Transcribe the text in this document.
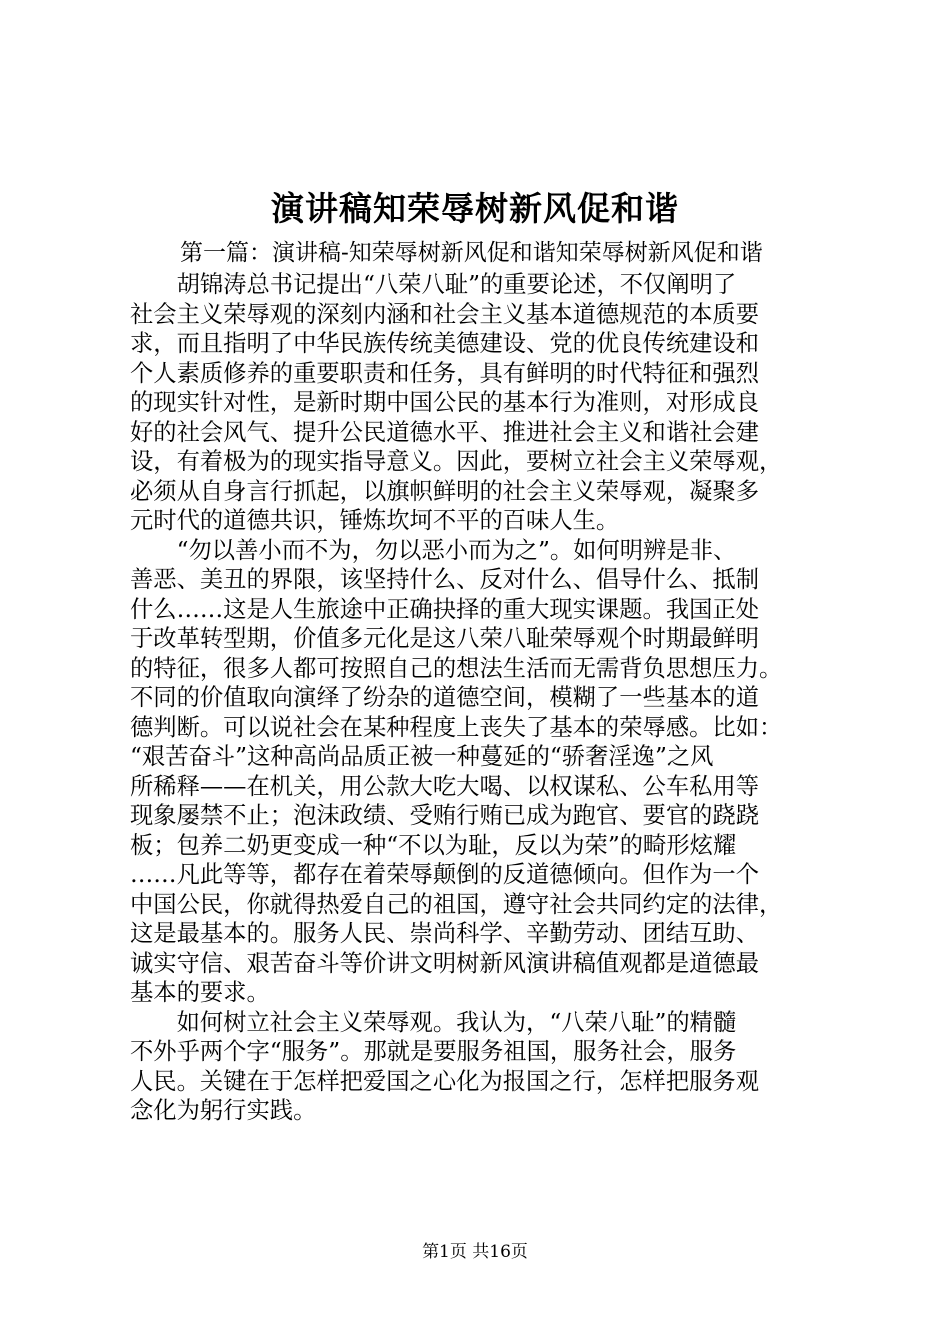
演讲稿知荣辱树新风促和谐
第一篇：演讲稿-知荣辱树新风促和谐知荣辱树新风促和谐

胡锦涛总书记提出“八荣八耻”的重要论述，不仅阐明了
社会主义荣辱观的深刻内涵和社会主义基本道德规范的本质要
求，而且指明了中华民族传统美德建设、党的优良传统建设和
个人素质修养的重要职责和任务，具有鲜明的时代特征和强烈
的现实针对性，是新时期中国公民的基本行为准则，对形成良
好的社会风气、提升公民道德水平、推进社会主义和谐社会建
设，有着极为的现实指导意义。因此，要树立社会主义荣辱观，
必须从自身言行抓起，以旗帜鲜明的社会主义荣辱观，凝聚多
元时代的道德共识，锤炼坎坷不平的百味人生。

“勿以善小而不为，勿以恶小而为之”。如何明辨是非、
善恶、美丑的界限，该坚持什么、反对什么、倡导什么、抵制
什么……这是人生旅途中正确抉择的重大现实课题。我国正处
于改革转型期，价值多元化是这八荣八耻荣辱观个时期最鲜明
的特征，很多人都可按照自己的想法生活而无需背负思想压力。
不同的价值取向演绎了纷杂的道德空间，模糊了一些基本的道
德判断。可以说社会在某种程度上丧失了基本的荣辱感。比如：
“艰苦奋斗”这种高尚品质正被一种蔓延的“骄奢淫逸”之风
所稀释——在机关，用公款大吃大喝、以权谋私、公车私用等
现象屡禁不止；泡沫政绩、受贿行贿已成为跑官、要官的跷跷
板；包养二奶更变成一种“不以为耻，反以为荣”的畸形炫耀
……凡此等等，都存在着荣辱颠倒的反道德倾向。但作为一个
中国公民，你就得热爱自己的祖国，遵守社会共同约定的法律，
这是最基本的。服务人民、崇尚科学、辛勤劳动、团结互助、
诚实守信、艰苦奋斗等价讲文明树新风演讲稿值观都是道德最
基本的要求。

如何树立社会主义荣辱观。我认为，“八荣八耻”的精髓
不外乎两个字“服务”。那就是要服务祖国，服务社会，服务
人民。关键在于怎样把爱国之心化为报国之行，怎样把服务观
念化为躬行实践。

第1页 共16页
